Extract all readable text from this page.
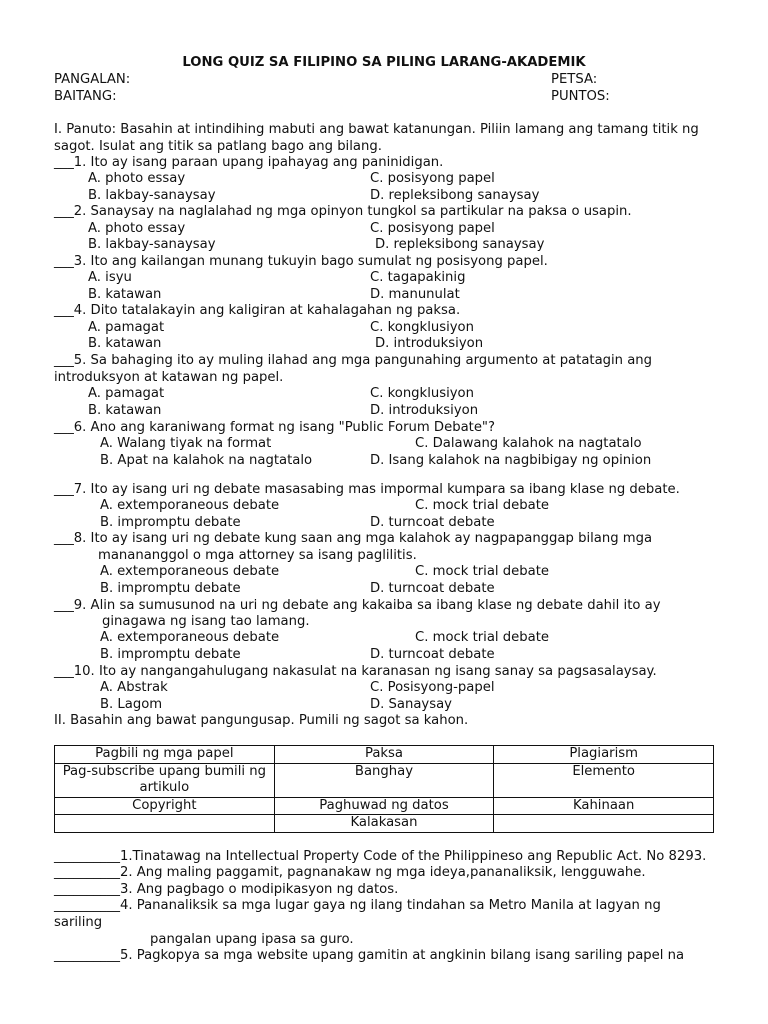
LONG QUIZ SA FILIPINO SA PILING LARANG-AKADEMIK
PANGALAN:	PETSA:
BAITANG:	PUNTOS:
I. Panuto: Basahin at intindihing mabuti ang bawat katanungan. Piliin lamang ang tamang titik ng sagot. Isulat ang titik sa patlang bago ang bilang.
___1. Ito ay isang paraan upang ipahayag ang paninidigan.
A. photo essay	C. posisyong papel
B. lakbay-sanaysay	D. repleksibong sanaysay
___2. Sanaysay na naglalahad ng mga opinyon tungkol sa partikular na paksa o usapin.
A. photo essay	C. posisyong papel
B. lakbay-sanaysay	D. repleksibong sanaysay
___3. Ito ang kailangan munang tukuyin bago sumulat ng posisyong papel.
A. isyu	C. tagapakinig
B. katawan	D. manunulat
___4. Dito tatalakayin ang kaligiran at kahalagahan ng paksa.
A. pamagat	C. kongklusiyon
B. katawan	D. introduksiyon
___5. Sa bahaging ito ay muling ilahad ang mga pangunahing argumento at patatagin ang
introduksyon at katawan ng papel.
A. pamagat	C. kongklusiyon
B. katawan	D. introduksiyon
___6. Ano ang karaniwang format ng isang "Public Forum Debate"?
A. Walang tiyak na format	C. Dalawang kalahok na nagtatalo
B. Apat na kalahok na nagtatalo	D. Isang kalahok na nagbibigay ng opinion
___7. Ito ay isang uri ng debate masasabing mas impormal kumpara sa ibang klase ng debate.
A. extemporaneous debate	C. mock trial debate
B. impromptu debate	D. turncoat debate
___8. Ito ay isang uri ng debate kung saan ang mga kalahok ay nagpapanggap bilang mga
manananggol o mga attorney sa isang paglilitis.
A. extemporaneous debate	C. mock trial debate
B. impromptu debate	D. turncoat debate
___9. Alin sa sumusunod na uri ng debate ang kakaiba sa ibang klase ng debate dahil ito ay
ginagawa ng isang tao lamang.
A. extemporaneous debate	C. mock trial debate
B. impromptu debate	D. turncoat debate
___10. Ito ay nangangahulugang nakasulat na karanasan ng isang sanay sa pagsasalaysay.
A. Abstrak	C. Posisyong-papel
B. Lagom	D. Sanaysay
II. Basahin ang bawat pangungusap. Pumili ng sagot sa kahon.
Pagbili ng mga papel	Paksa	Plagiarism
Pag-subscribe upang bumili ng artikulo	Banghay	Elemento
Copyright	Paghuwad ng datos	Kahinaan
	Kalakasan	
__________1.Tinatawag na Intellectual Property Code of the Philippineso ang Republic Act. No 8293.
__________2. Ang maling paggamit, pagnanakaw ng mga ideya,pananaliksik, lengguwahe.
__________3. Ang pagbago o modipikasyon ng datos.
__________4. Pananaliksik sa mga lugar gaya ng ilang tindahan sa Metro Manila at lagyan ng
sariling
pangalan upang ipasa sa guro.
__________5. Pagkopya sa mga website upang gamitin at angkinin bilang isang sariling papel na
